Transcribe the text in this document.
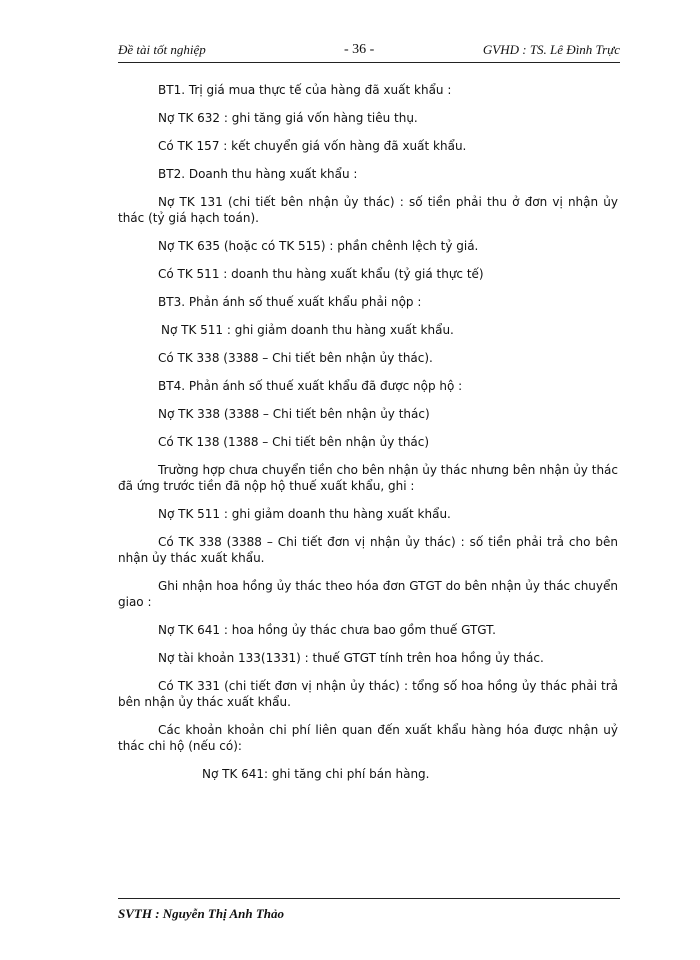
Đề tài tốt nghiệp	- 36 -	GVHD : TS. Lê Đình Trực

BT1. Trị giá mua thực tế của hàng đã xuất khẩu :

Nợ TK 632 : ghi tăng giá vốn hàng tiêu thụ.

Có TK 157 : kết chuyển giá vốn hàng đã xuất khẩu.

BT2. Doanh thu hàng xuất khẩu :

Nợ TK 131 (chi tiết bên nhận ủy thác) : số tiền phải thu ở đơn vị nhận ủy thác (tỷ giá hạch toán).

Nợ TK 635 (hoặc có TK 515) : phần chênh lệch tỷ giá.

Có TK 511 : doanh thu hàng xuất khẩu (tỷ giá thực tế)

BT3. Phản ánh số thuế xuất khẩu phải nộp :

Nợ TK 511 : ghi giảm doanh thu hàng xuất khẩu.

Có TK 338 (3388 – Chi tiết bên nhận ủy thác).

BT4. Phản ánh số thuế xuất khẩu đã được nộp hộ :

Nợ TK 338 (3388 – Chi tiết bên nhận ủy thác)

Có TK 138 (1388 – Chi tiết bên nhận ủy thác)

Trường hợp chưa chuyển tiền cho bên nhận ủy thác nhưng bên nhận ủy thác đã ứng trước tiền đã nộp hộ thuế xuất khẩu, ghi :

Nợ TK 511 : ghi giảm doanh thu hàng xuất khẩu.

Có TK 338 (3388 – Chi tiết đơn vị nhận ủy thác) : số tiền phải trả cho bên nhận ủy thác xuất khẩu.

Ghi nhận hoa hồng ủy thác theo hóa đơn GTGT do bên nhận ủy thác chuyển giao :

Nợ TK 641 : hoa hồng ủy thác chưa bao gồm thuế GTGT.

Nợ tài khoản 133(1331) : thuế GTGT tính trên hoa hồng ủy thác.

Có TK 331 (chi tiết đơn vị nhận ủy thác) : tổng số hoa hồng ủy thác phải trả bên nhận ủy thác xuất khẩu.

Các khoản khoản chi phí liên quan đến xuất khẩu hàng hóa được nhận uỷ thác chi hộ (nếu có):

Nợ TK 641: ghi tăng chi phí bán hàng.

SVTH : Nguyễn Thị Anh Thảo
